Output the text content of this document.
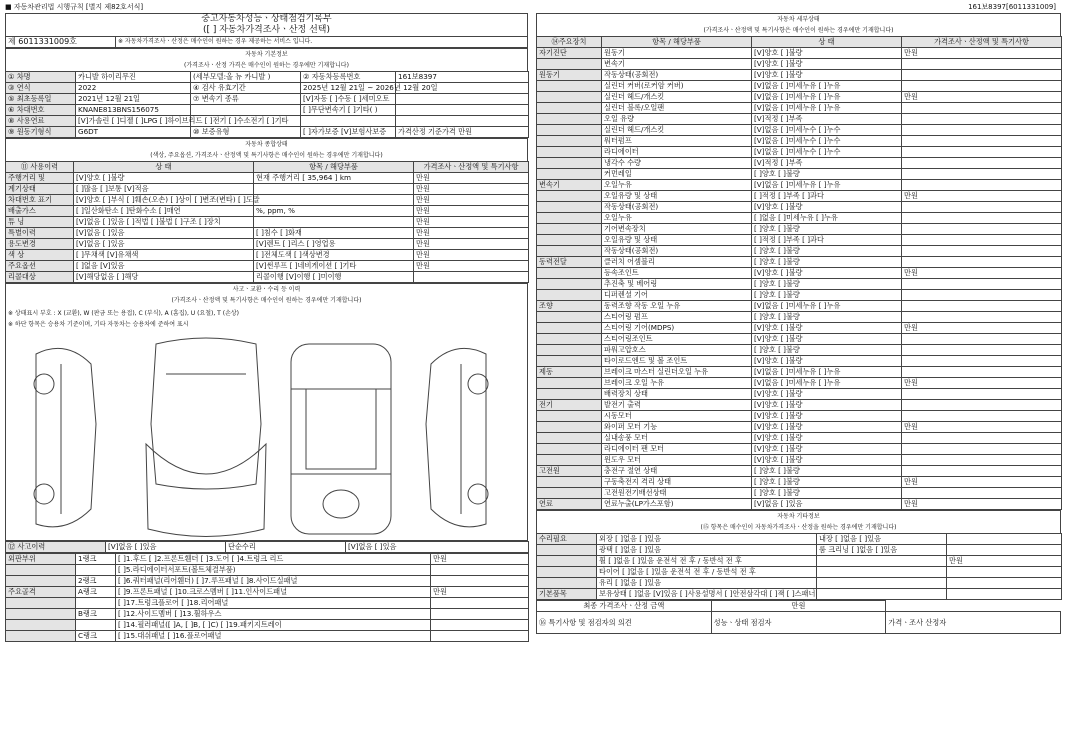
■ 자동차관리법 시행규칙 [별지 제82호서식]	161보8397[6011331009]
중고자동차성능ㆍ상태점검기록부
([ ] 자동차가격조사ㆍ산정 선택)
제 6011331009호	※ 자동차가격조사ㆍ산정은 매수인이 원하는 경우 제공하는 서비스 입니다.
자동차 기본정보
(가격조사ㆍ산정 가격은 매수인이 원하는 경우에만 기재합니다)
① 차명	카니발 하이리무진	(세부모델:올 뉴 카니발 )	② 자동차등록번호	161보8397
③ 연식	2022	④ 검사 유효기간	2025년 12월 21일 ~ 2026년 12월 20일	
⑤ 최초등록일	2021년 12월 21일	⑦ 변속기 종류	[V]자동 [ ]수동 [ ]세미오토	
⑥ 차대번호	KNANE813BNS156075		[ ]무단변속기 [ ]기타( )	
⑧ 사용연료	[V]가솔린 [ ]디젤 [ ]LPG [ ]하이브리드 [ ]전기 [ ]수소전기 [ ]기타			
⑨ 원동기형식	G6DT	⑩ 보증유형	[ ]자가보증 [V]보험사보증	가격산정 기준가격 만원
자동차 종합상태
(색상, 주요옵션, 가격조사ㆍ산정액 및 특기사항은 매수인이 원하는 경우에만 기재합니다)
⑪ 사용이력	상 태	항목 / 해당부품	가격조사ㆍ산정액 및 특기사항
주행거리 및	[V]양호 [ ]불량	현재 주행거리 [ 35,964 ] km	만원
계기상태	[ ]많음 [ ]보통 [V]적음		만원
차대번호 표기	[V]양호 [ ]부식 [ ]훼손(오손) [ ]상이 [ ]변조(변타) [ ]도말		만원
배출가스	[ ]일산화탄소 [ ]탄화수소 [ ]매연	%, ppm, %	만원
튜 닝	[V]없음 [ ]있음 [ ]적법 [ ]불법 [ ]구조 [ ]장치		만원
특별이력	[V]없음 [ ]있음	[ ]침수 [ ]화재	만원
용도변경	[V]없음 [ ]있음	[V]렌트 [ ]리스 [ ]영업용	만원
색 상	[ ]무채색 [V]유채색	[ ]전체도색 [ ]색상변경	만원
주요옵션	[ ]없음 [V]있음	[V]썬루프 [ ]네비게이션 [ ]기타	만원
리콜대상	[V]해당없음 [ ]해당	리콜이행 [V]이행 [ ]미이행	
사고ㆍ교환ㆍ수리 등 이력
(가격조사ㆍ산정액 및 특기사항은 매수인이 원하는 경우에만 기재합니다)
※ 상태표시 부호 : X (교환), W (판금 또는 용접), C (부식), A (흠집), U (요철), T (손상)
※ 하단 항목은 승용차 기준이며, 기타 자동차는 승용차에 준하여 표시
⑫ 사고이력	[V]없음 [ ]있음	단순수리	[V]없음 [ ]있음
외판부위	1랭크	[ ]1.후드 [ ]2.프론트휀더 [ ]3.도어 [ ]4.트렁크 리드	만원
		[ ]5.라디에이터서포트(볼트체결부품)	
	2랭크	[ ]6.쿼터패널(리어휀더) [ ]7.루프패널 [ ]8.사이드실패널	
주요골격	A랭크	[ ]9.프론트패널 [ ]10.크로스멤버 [ ]11.인사이드패널	만원
		[ ]17.트렁크플로어 [ ]18.리어패널	
	B랭크	[ ]12.사이드멤버 [ ]13.휠하우스	
		[ ]14.필러패널([ ]A, [ ]B, [ ]C) [ ]19.패키지트레이	
	C랭크	[ ]15.대쉬패널 [ ]16.플로어패널	
자동차 세부상태
(가격조사ㆍ산정액 및 특기사항은 매수인이 원하는 경우에만 기재합니다)
⑭주요장치	항목 / 해당부품	상 태	가격조사ㆍ산정액 및 특기사항
자기진단	원동기	[V]양호 [ ]불량	만원
	변속기	[V]양호 [ ]불량	
원동기	작동상태(공회전)	[V]양호 [ ]불량	
	실린더 커버(로커암 커버)	[V]없음 [ ]미세누유 [ ]누유	
	실린더 헤드/개스킷	[V]없음 [ ]미세누유 [ ]누유	만원
	실린더 블록/오일팬	[V]없음 [ ]미세누유 [ ]누유	
	오일 유량	[V]적정 [ ]부족	
	실린더 헤드/개스킷	[V]없음 [ ]미세누수 [ ]누수	
	워터펌프	[V]없음 [ ]미세누수 [ ]누수	
	라디에이터	[V]없음 [ ]미세누수 [ ]누수	
	냉각수 수량	[V]적정 [ ]부족	
	커먼레일	[ ]양호 [ ]불량	
변속기	오일누유	[V]없음 [ ]미세누유 [ ]누유	
	오일유량 및 상태	[ ]적정 [ ]부족 [ ]과다	만원
	작동상태(공회전)	[V]양호 [ ]불량	
	오일누유	[ ]없음 [ ]미세누유 [ ]누유	
	기어변속장치	[ ]양호 [ ]불량	
	오일유량 및 상태	[ ]적정 [ ]부족 [ ]과다	
	작동상태(공회전)	[ ]양호 [ ]불량	
동력전달	클러치 어셈블리	[ ]양호 [ ]불량	
	등속조인트	[V]양호 [ ]불량	만원
	추진축 및 베어링	[ ]양호 [ ]불량	
	디퍼렌셜 기어	[ ]양호 [ ]불량	
조향	동력조향 작동 오일 누유	[V]없음 [ ]미세누유 [ ]누유	
	스티어링 펌프	[ ]양호 [ ]불량	
	스티어링 기어(MDPS)	[V]양호 [ ]불량	만원
	스티어링조인트	[V]양호 [ ]불량	
	파워고압호스	[ ]양호 [ ]불량	
	타이로드엔드 및 볼 조인트	[V]양호 [ ]불량	
제동	브레이크 마스터 실린더오일 누유	[V]없음 [ ]미세누유 [ ]누유	
	브레이크 오일 누유	[V]없음 [ ]미세누유 [ ]누유	만원
	배력장치 상태	[V]양호 [ ]불량	
전기	발전기 출력	[V]양호 [ ]불량	
	시동모터	[V]양호 [ ]불량	
	와이퍼 모터 기능	[V]양호 [ ]불량	만원
	실내송풍 모터	[V]양호 [ ]불량	
	라디에이터 팬 모터	[V]양호 [ ]불량	
	윈도우 모터	[V]양호 [ ]불량	
고전원	충전구 절연 상태	[ ]양호 [ ]불량	
	구동축전지 격리 상태	[ ]양호 [ ]불량	만원
	고전원전기배선상태	[ ]양호 [ ]불량	
연료	연료누출(LP가스포함)	[V]없음 [ ]있음	만원
자동차 기타정보
(⑮ 항목은 매수인이 자동차가격조사ㆍ산정을 원하는 경우에만 기재합니다)
수리필요	외장 [ ]없음 [ ]있음	내장 [ ]없음 [ ]있음	
	광택 [ ]없음 [ ]있음	룸 크리닝 [ ]없음 [ ]있음	
	휠 [ ]없음 [ ]있음 운전석 전 후 / 동반석 전 후		만원
	타이어 [ ]없음 [ ]있음 운전석 전 후 / 동반석 전 후		
	유리 [ ]없음 [ ]있음		
기본품목	보유상태 [ ]없음 [V]있음 [ ]사용설명서 [ ]안전삼각대 [ ]잭 [ ]스패너		
최종 가격조사ㆍ산정 금액	만원	
⑯ 특기사항 및 점검자의 의견	성능ㆍ상태 점검자	가격ㆍ조사 산정자
